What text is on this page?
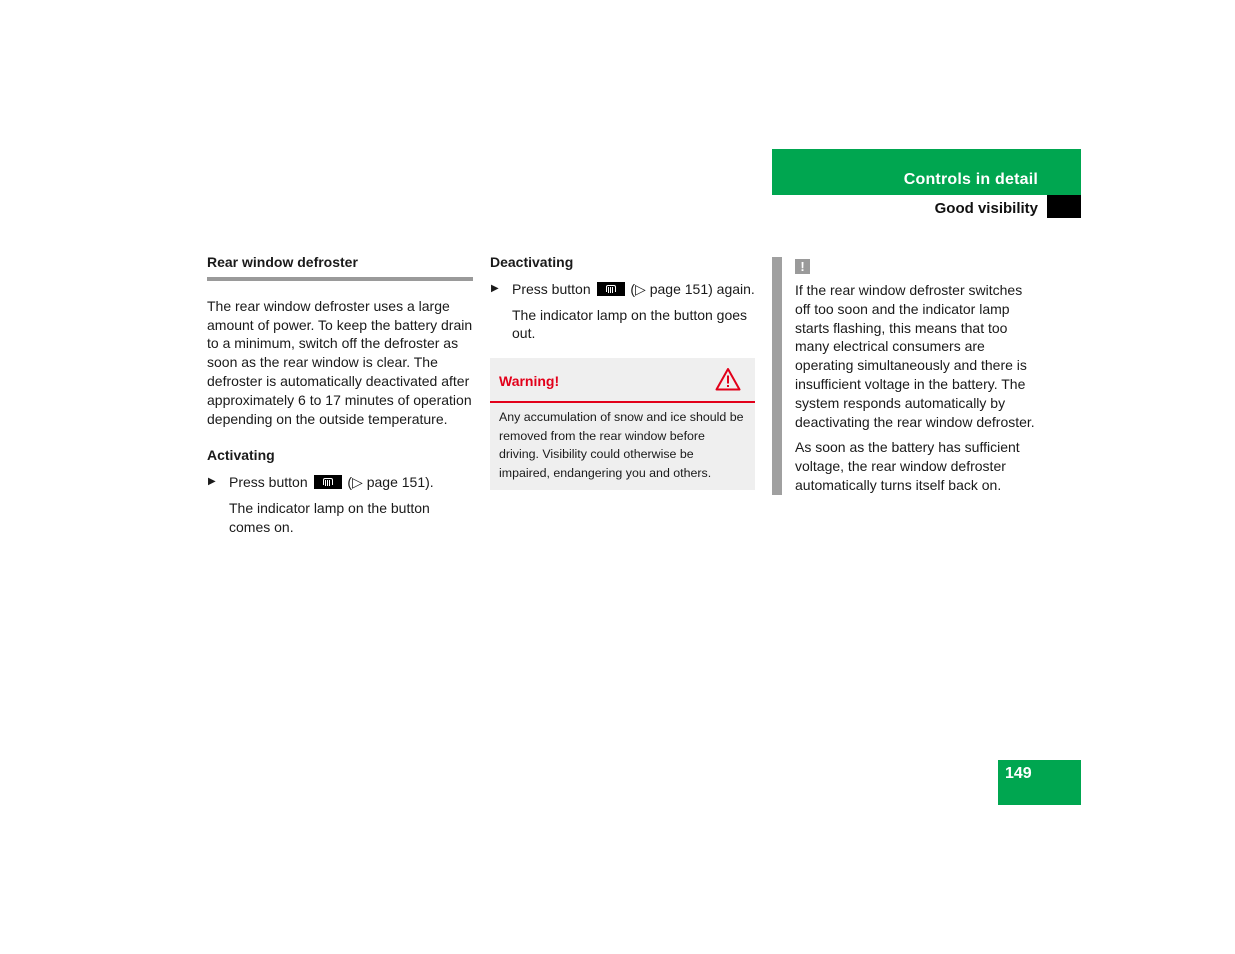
Controls in detail
Good visibility
Rear window defroster

The rear window defroster uses a large amount of power. To keep the battery drain to a minimum, switch off the defroster as soon as the rear window is clear. The defroster is automatically deactivated after approximately 6 to 17 minutes of operation depending on the outside temperature.

Activating
▶ Press button	(▷ page 151).

The indicator lamp on the button comes on.

Deactivating
▶ Press button	(▷ page 151) again.

The indicator lamp on the button goes out.

Warning!
Any accumulation of snow and ice should be removed from the rear window before driving. Visibility could otherwise be impaired, endangering you and others.
!

If the rear window defroster switches off too soon and the indicator lamp starts flashing, this means that too many electrical consumers are operating simultaneously and there is insufficient voltage in the battery. The system responds automatically by deactivating the rear window defroster.

As soon as the battery has sufficient voltage, the rear window defroster automatically turns itself back on.

149
